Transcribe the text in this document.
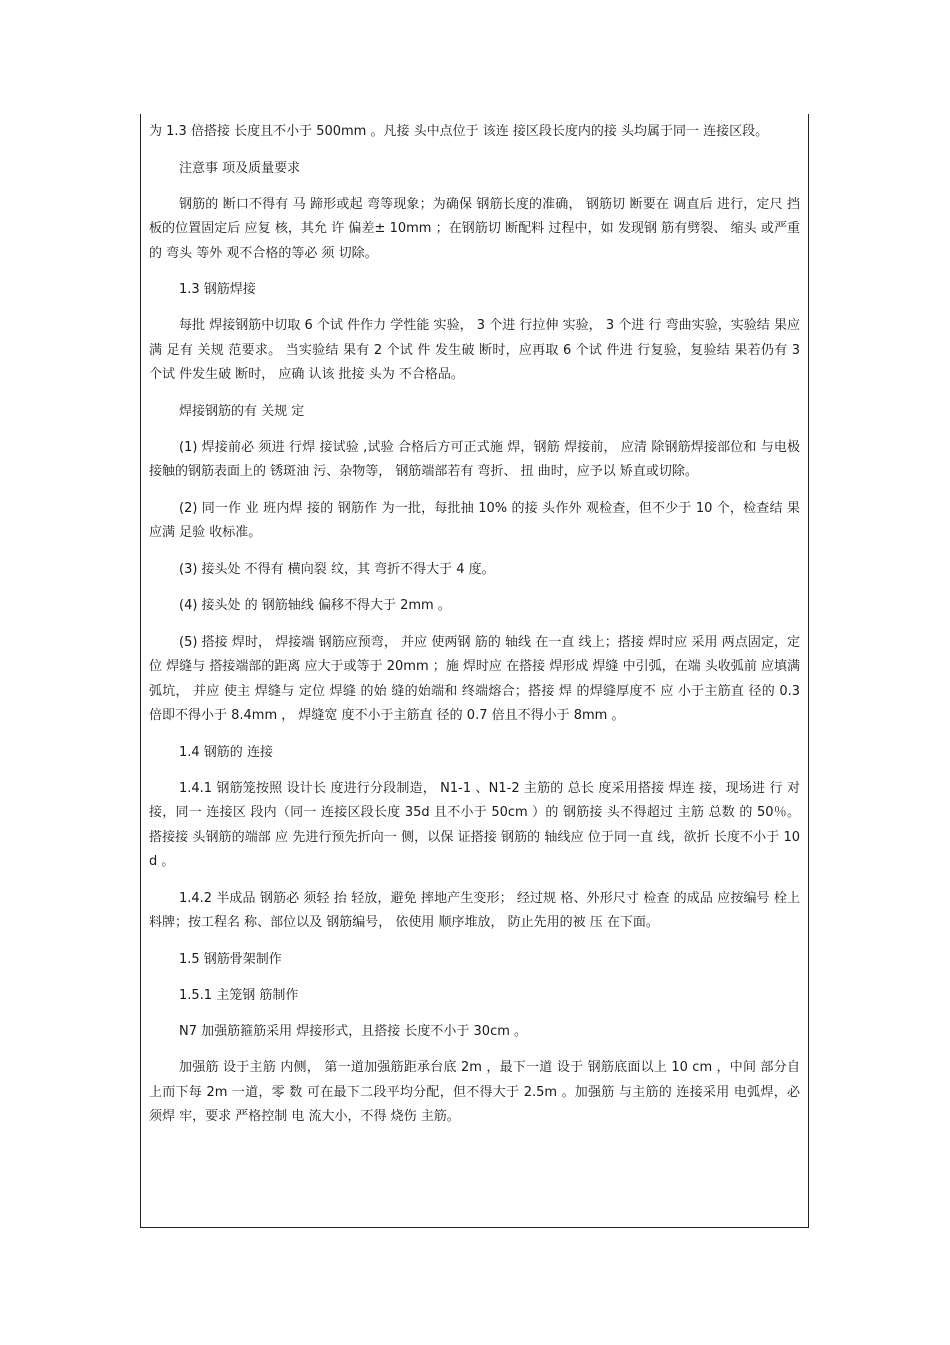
为 1.3 倍搭接 长度且不小于 500mm 。凡接 头中点位于 该连 接区段长度内的接 头均属于同一 连接区段。

注意事 项及质量要求

钢筋的 断口不得有 马 蹄形或起 弯等现象；为确保 钢筋长度的准确， 钢筋切 断要在 调直后 进行，定尺 挡板的位置固定后 应复 核，其允 许 偏差± 10mm ；在钢筋切 断配料 过程中，如 发现钢 筋有劈裂、 缩头 或严重的 弯头 等外 观不合格的等必 须 切除。

1.3 钢筋焊接

每批 焊接钢筋中切取 6 个试 件作力 学性能 实验， 3 个进 行拉伸 实验， 3 个进 行 弯曲实验，实验结 果应满 足有 关规 范要求。 当实验结 果有 2 个试 件 发生破 断时，应再取 6 个试 件进 行复验，复验结 果若仍有 3 个试 件发生破 断时， 应确 认该 批接 头为 不合格品。

焊接钢筋的有 关规 定

(1) 焊接前必 须进 行焊 接试验 ,试验 合格后方可正式施 焊，钢筋 焊接前， 应清 除钢筋焊接部位和 与电极 接触的钢筋表面上的 锈斑油 污、杂物等， 钢筋端部若有 弯折、 扭 曲时，应予以 矫直或切除。

(2) 同一作 业 班内焊 接的 钢筋作 为一批，每批抽 10% 的接 头作外 观检查，但不少于 10 个，检查结 果应满 足验 收标准。

(3) 接头处 不得有 横向裂 纹，其 弯折不得大于 4 度。

(4) 接头处 的 钢筋轴线 偏移不得大于 2mm 。

(5) 搭接 焊时， 焊接端 钢筋应预弯， 并应 使两钢 筋的 轴线 在一直 线上；搭接 焊时应 采用 两点固定，定位 焊缝与 搭接端部的距离 应大于或等于 20mm ；施 焊时应 在搭接 焊形成 焊缝 中引弧，在端 头收弧前 应填满 弧坑， 并应 使主 焊缝与 定位 焊缝 的始 缝的始端和 终端熔合；搭接 焊 的焊缝厚度不 应 小于主筋直 径的 0.3 倍即不得小于 8.4mm ， 焊缝宽 度不小于主筋直 径的 0.7 倍且不得小于 8mm 。

1.4 钢筋的 连接

1.4.1 钢筋笼按照 设计长 度进行分段制造， N1-1 、N1-2 主筋的 总长 度采用搭接 焊连 接，现场进 行 对接，同一 连接区 段内（同一 连接区段长度 35d 且不小于 50cm ）的 钢筋接 头不得超过 主筋 总数 的 50％。搭接接 头钢筋的端部 应 先进行预先折向一 侧，以保 证搭接 钢筋的 轴线应 位于同一直 线，欲折 长度不小于 10d 。

1.4.2 半成品 钢筋必 须轻 抬 轻放，避免 摔地产生变形； 经过规 格、外形尺寸 检查 的成品 应按编号 栓上料牌；按工程名 称、部位以及 钢筋编号， 依使用 顺序堆放， 防止先用的被 压 在下面。

1.5 钢筋骨架制作

1.5.1 主笼钢 筋制作

N7 加强筋箍筋采用 焊接形式，且搭接 长度不小于 30cm 。

加强筋 设于主筋 内侧， 第一道加强筋距承台底 2m ，最下一道 设于 钢筋底面以上 10 cm ，中间 部分自上而下每 2m 一道，零 数 可在最下二段平均分配，但不得大于 2.5m 。加强筋 与主筋的 连接采用 电弧焊，必 须焊 牢，要求 严格控制 电 流大小，不得 烧伤 主筋。
